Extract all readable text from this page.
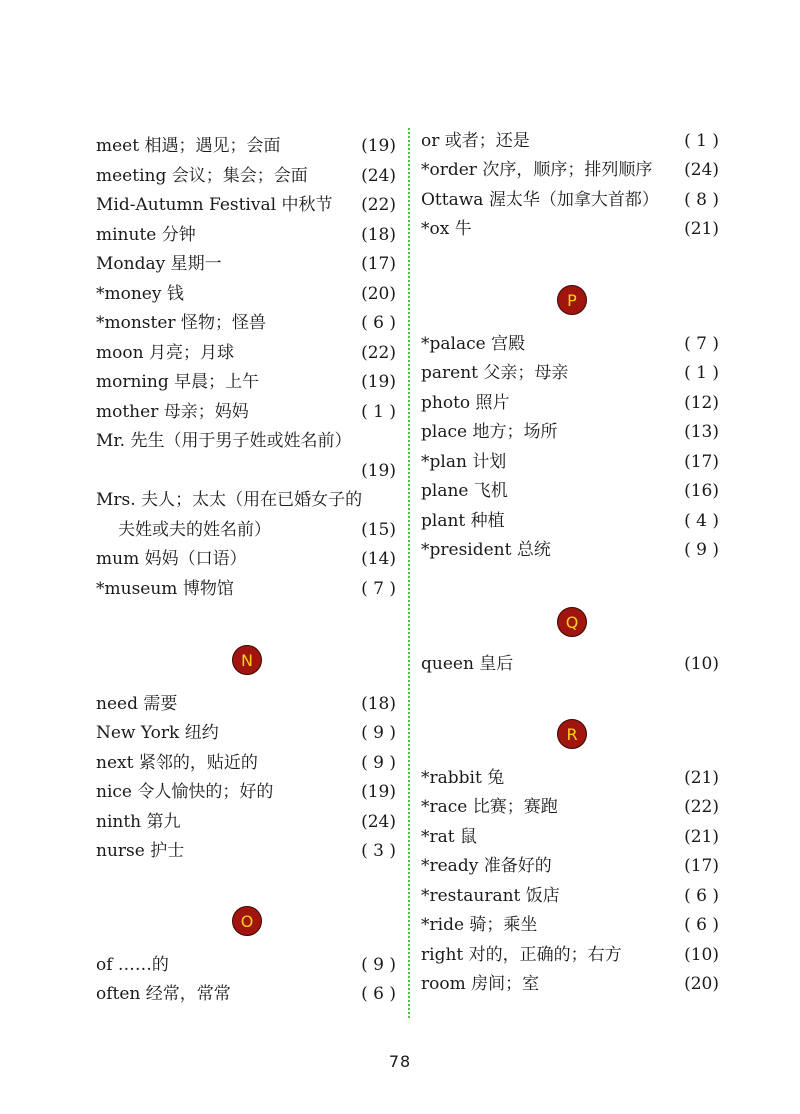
meet 相遇；遇见；会面	(19)
meeting 会议；集会；会面	(24)
Mid-Autumn Festival 中秋节 (22)
minute 分钟	(18)
Monday 星期一	(17)
*money 钱	(20)
*monster 怪物；怪兽	( 6 )
moon 月亮；月球	(22)
morning 早晨；上午	(19)
mother 母亲；妈妈	( 1 )
Mr. 先生（用于男子姓或姓名前）
(19)
Mrs. 夫人；太太（用在已婚女子的
夫姓或夫的姓名前）	(15)
mum 妈妈（口语）	(14)
*museum 博物馆	( 7 )
N
need 需要	(18)
New York 纽约	( 9 )
next 紧邻的，贴近的	( 9 )
nice 令人愉快的；好的	(19)
ninth 第九	(24)
nurse 护士	( 3 )
O
of ……的	( 9 )
often 经常，常常	( 6 )
or 或者；还是	( 1 )
*order 次序，顺序；排列顺序 (24)
Ottawa 渥太华（加拿大首都） ( 8 )
*ox 牛	(21)
P
*palace 宫殿	( 7 )
parent 父亲；母亲	( 1 )
photo 照片	(12)
place 地方；场所	(13)
*plan 计划	(17)
plane 飞机	(16)
plant 种植	( 4 )
*president 总统	( 9 )
Q
queen 皇后	(10)
R
*rabbit 兔	(21)
*race 比赛；赛跑	(22)
*rat 鼠	(21)
*ready 准备好的	(17)
*restaurant 饭店	( 6 )
*ride 骑；乘坐	( 6 )
right 对的，正确的；右方	(10)
room 房间；室	(20)
78
